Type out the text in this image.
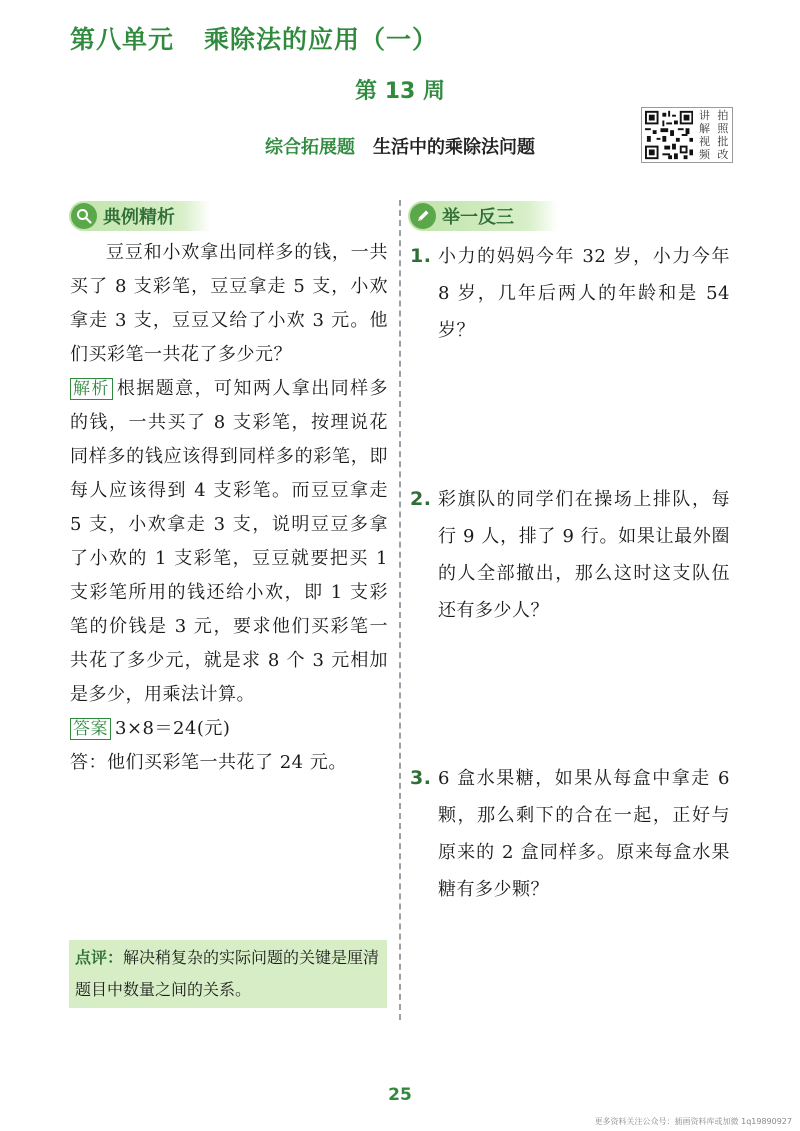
第八单元 乘除法的应用（一）
第 13 周
综合拓展题 生活中的乘除法问题
讲 拍
解 照
视 批
频 改
典例精析

豆豆和小欢拿出同样多的钱，一共买了 8 支彩笔，豆豆拿走 5 支，小欢拿走 3 支，豆豆又给了小欢 3 元。他们买彩笔一共花了多少元？

解析 根据题意，可知两人拿出同样多的钱，一共买了 8 支彩笔，按理说花同样多的钱应该得到同样多的彩笔，即每人应该得到 4 支彩笔。而豆豆拿走 5 支，小欢拿走 3 支，说明豆豆多拿了小欢的 1 支彩笔，豆豆就要把买 1 支彩笔所用的钱还给小欢，即 1 支彩笔的价钱是 3 元，要求他们买彩笔一共花了多少元，就是求 8 个 3 元相加是多少，用乘法计算。

答案 3×8＝24(元)

答：他们买彩笔一共花了 24 元。

点评：解决稍复杂的实际问题的关键是厘清题目中数量之间的关系。
举一反三
1. 小力的妈妈今年 32 岁，小力今年 8 岁，几年后两人的年龄和是 54 岁？

2. 彩旗队的同学们在操场上排队，每行 9 人，排了 9 行。如果让最外圈的人全部撤出，那么这时这支队伍还有多少人？

3. 6 盒水果糖，如果从每盒中拿走 6 颗，那么剩下的合在一起，正好与原来的 2 盒同样多。原来每盒水果糖有多少颗？

25
更多资料关注公众号：插画资料库或加微 1q19890927
